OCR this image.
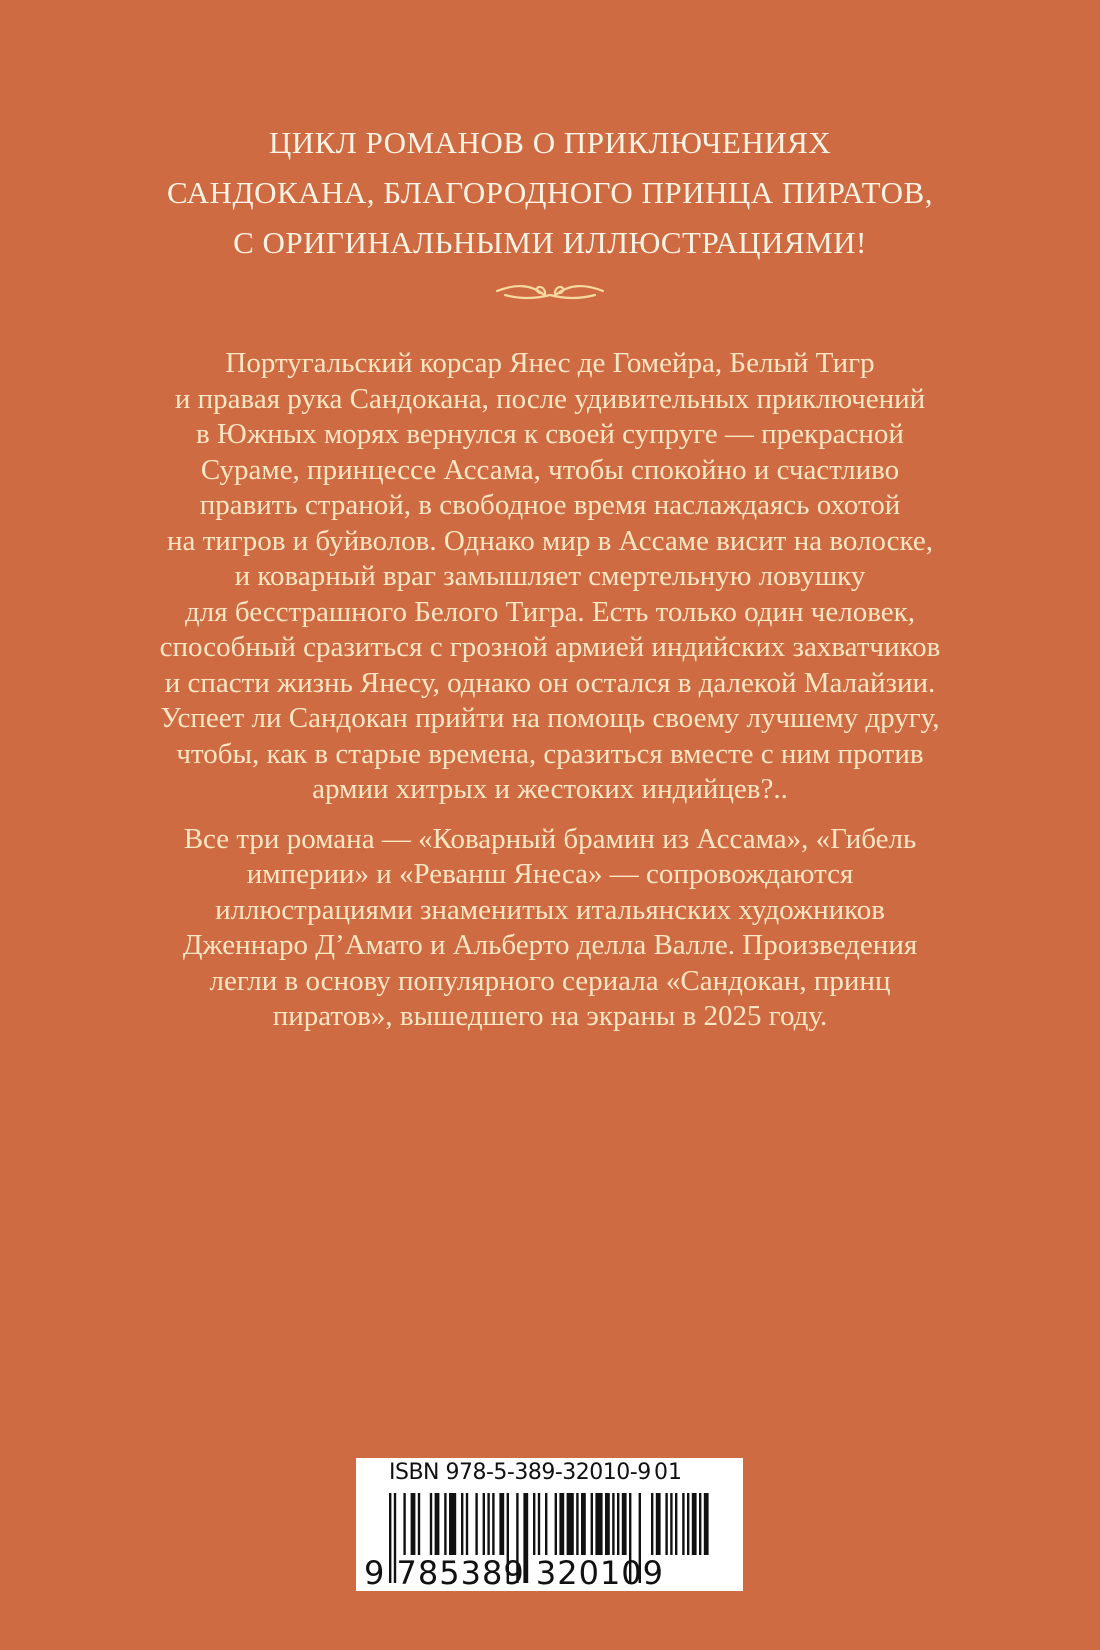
ЦИКЛ РОМАНОВ О ПРИКЛЮЧЕНИЯХ
САНДОКАНА, БЛАГОРОДНОГО ПРИНЦА ПИРАТОВ,
С ОРИГИНАЛЬНЫМИ ИЛЛЮСТРАЦИЯМИ!
Португальский корсар Янес де Гомейра, Белый Тигр
и правая рука Сандокана, после удивительных приключений
в Южных морях вернулся к своей супруге — прекрасной
Сураме, принцессе Ассама, чтобы спокойно и счастливо
править страной, в свободное время наслаждаясь охотой
на тигров и буйволов. Однако мир в Ассаме висит на волоске,
и коварный враг замышляет смертельную ловушку
для бесстрашного Белого Тигра. Есть только один человек,
способный сразиться с грозной армией индийских захватчиков
и спасти жизнь Янесу, однако он остался в далекой Малайзии.
Успеет ли Сандокан прийти на помощь своему лучшему другу,
чтобы, как в старые времена, сразиться вместе с ним против
армии хитрых и жестоких индийцев?..
Все три романа — «Коварный брамин из Ассама», «Гибель
империи» и «Реванш Янеса» — сопровождаются
иллюстрациями знаменитых итальянских художников
Дженнаро Д’Амато и Альберто делла Валле. Произведения
легли в основу популярного сериала «Сандокан, принц
пиратов», вышедшего на экраны в 2025 году.
ISBN 978-5-389-32010-9 01
9 785389 320109
